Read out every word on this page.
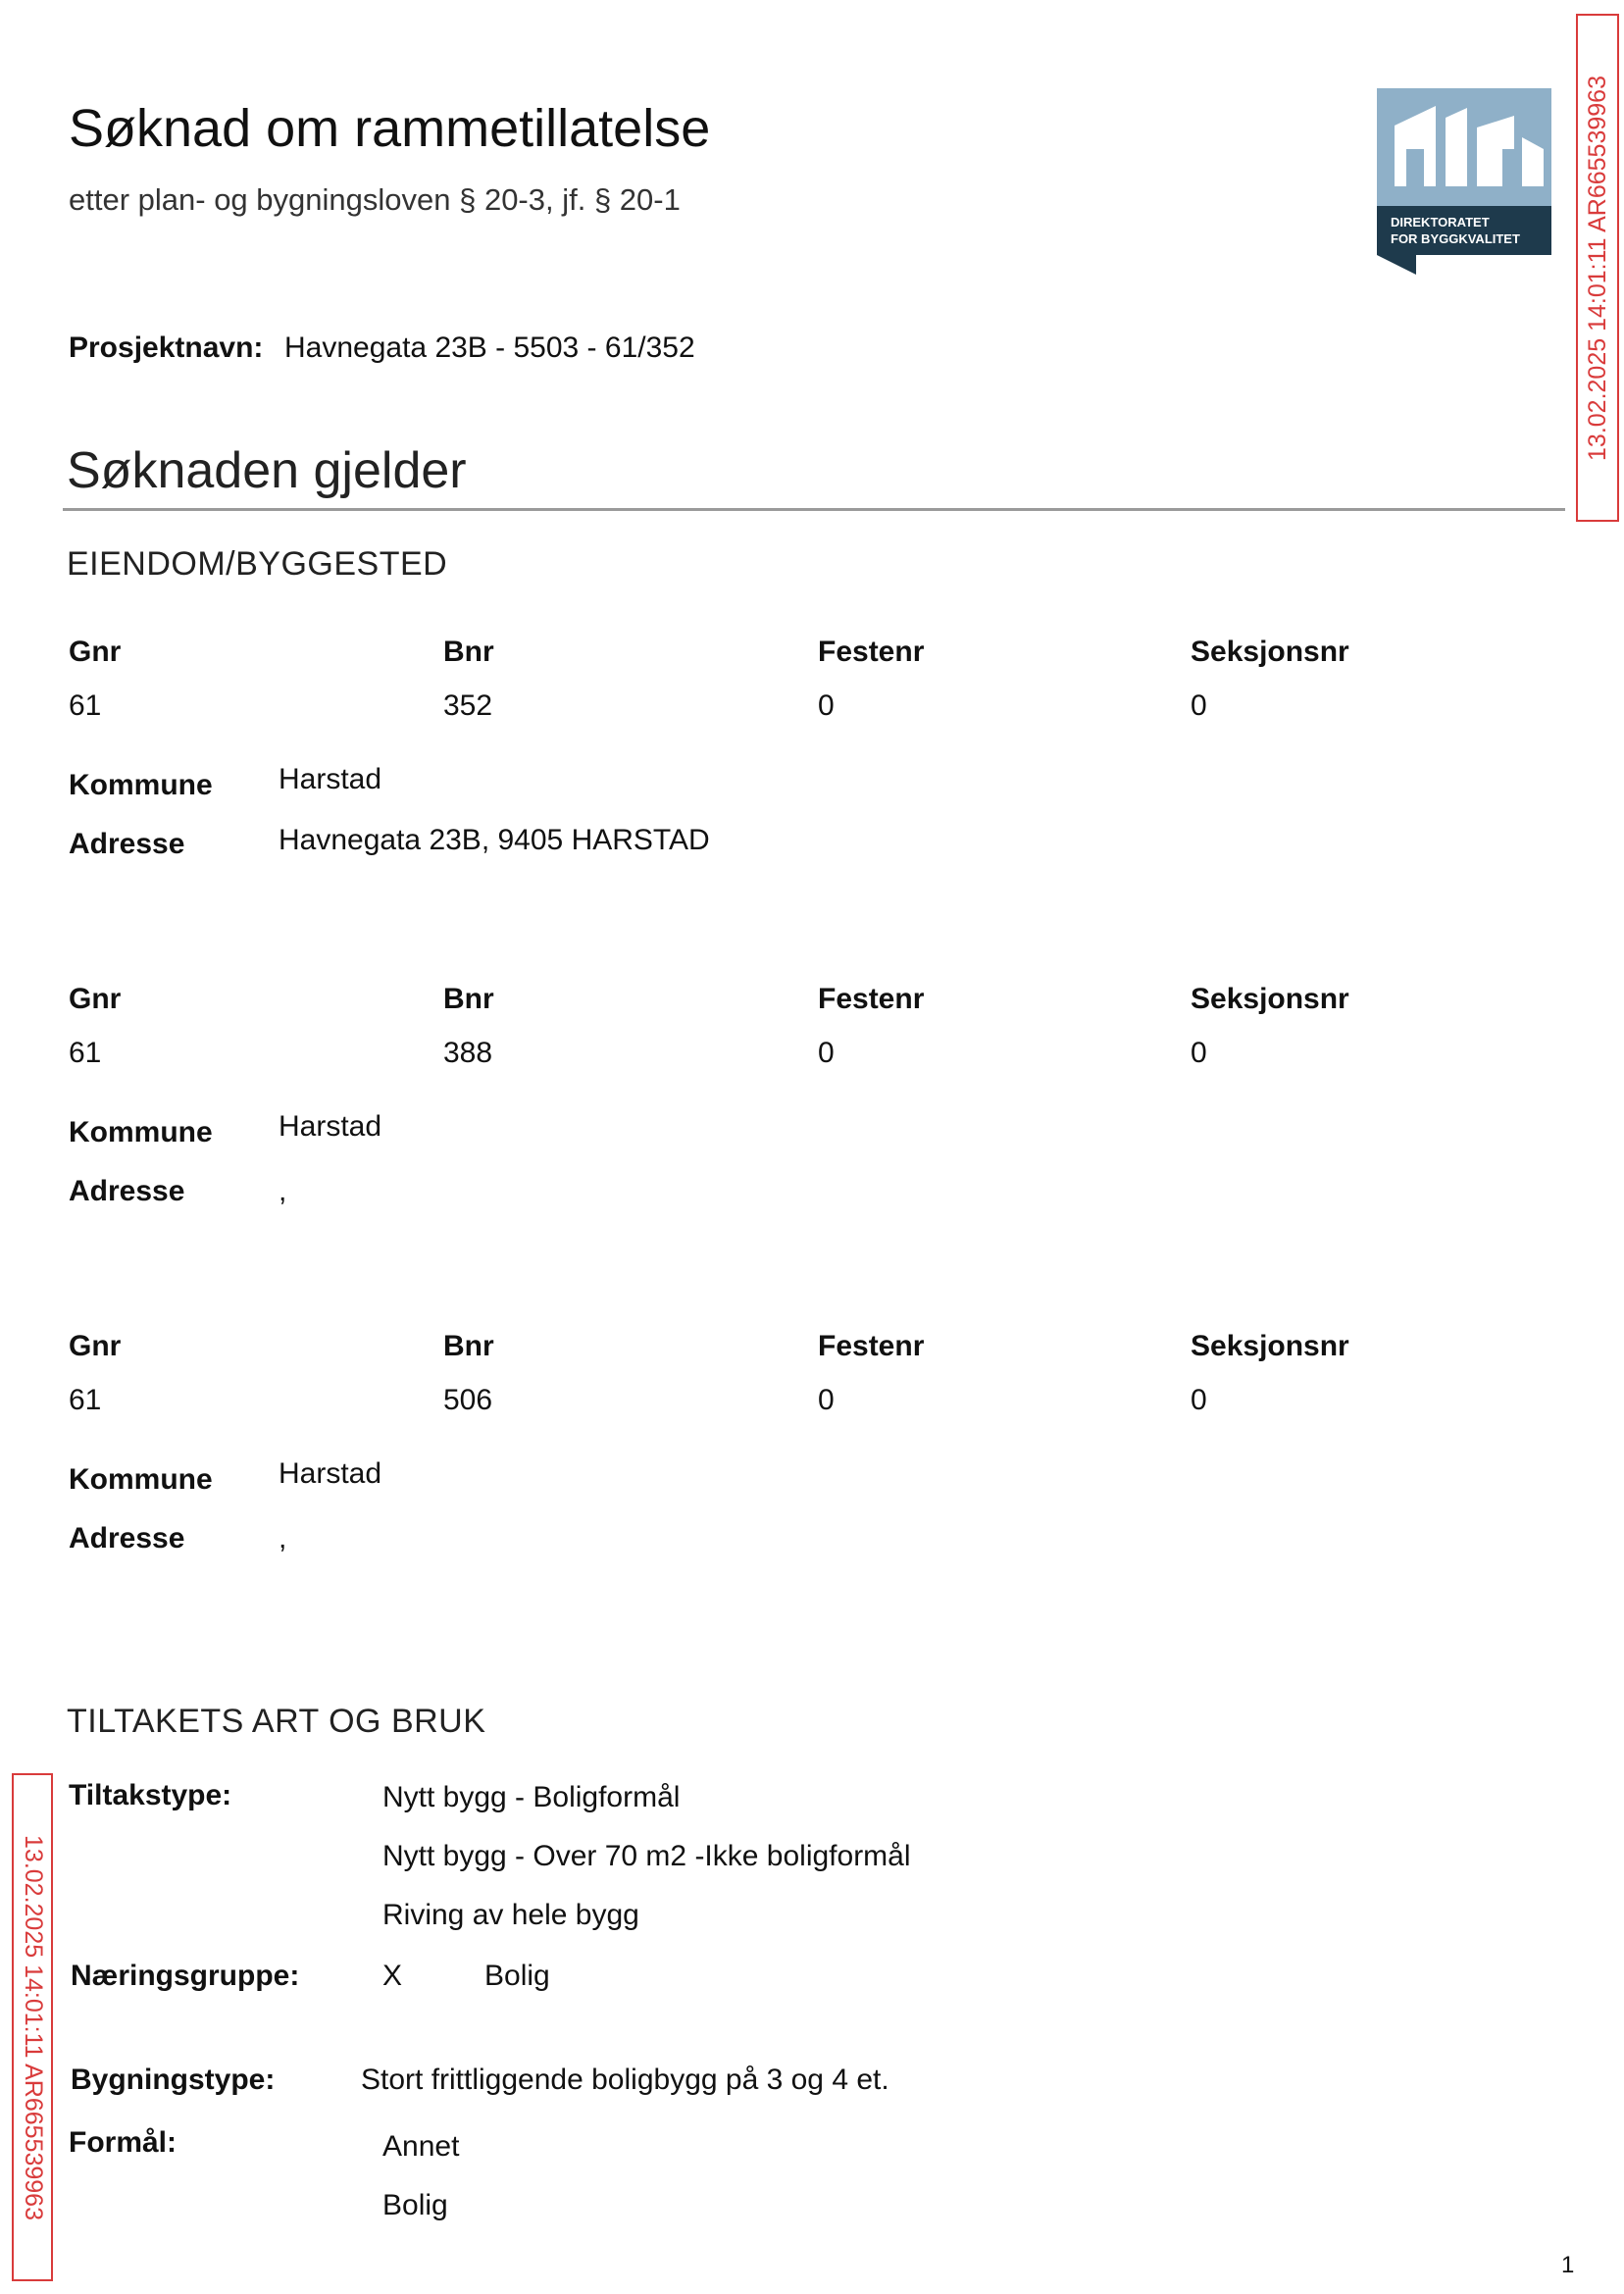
Søknad om rammetillatelse
etter plan- og bygningsloven § 20-3, jf. § 20-1
Prosjektnavn: Havnegata 23B - 5503 - 61/352
DIREKTORATET
FOR BYGGKVALITET	13.02.2025 14:01:11 AR665539963
13.02.2025 14:01:11 AR665539963
Søknaden gjelder
EIENDOM/BYGGESTED
Gnr	Bnr	Festenr	Seksjonsnr
61	352	0	0
Kommune Harstad
Adresse	Havnegata 23B, 9405 HARSTAD
Gnr	Bnr	Festenr	Seksjonsnr
61	388	0	0
Kommune Harstad
Adresse	,
Gnr	Bnr	Festenr	Seksjonsnr
61	506	0	0
Kommune Harstad
Adresse	,
TILTAKETS ART OG BRUK
Tiltakstype:	Nytt bygg - Boligformål
Nytt bygg - Over 70 m2 -Ikke boligformål
Riving av hele bygg
Næringsgruppe:	X	Bolig
Bygningstype:	Stort frittliggende boligbygg på 3 og 4 et.
Formål:	Annet
Bolig
1
